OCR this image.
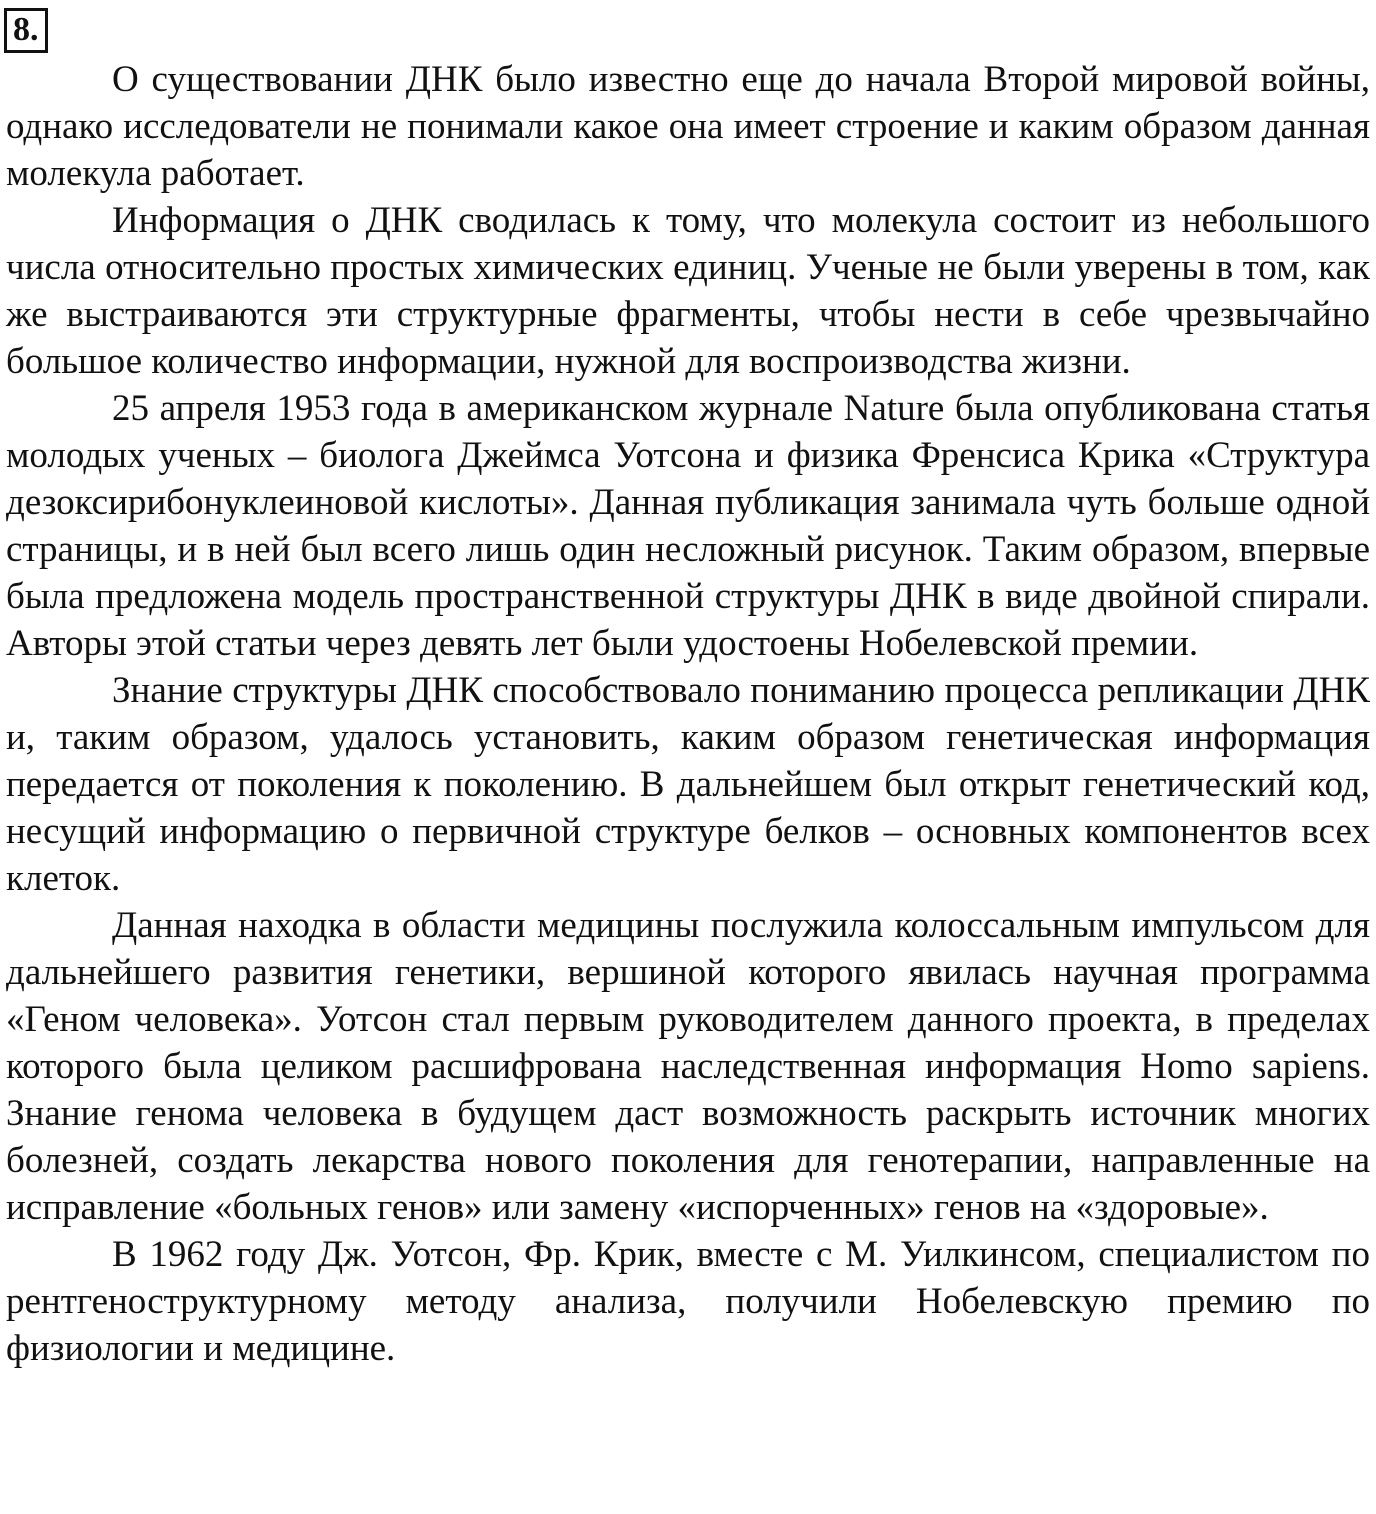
8.

О существовании ДНК было известно еще до начала Второй мировой войны, однако исследователи не понимали какое она имеет строение и каким образом данная молекула работает.

Информация о ДНК сводилась к тому, что молекула состоит из небольшого числа относительно простых химических единиц. Ученые не были уверены в том, как же выстраиваются эти структурные фрагменты, чтобы нести в себе чрезвычайно большое количество информации, нужной для воспроизводства жизни.

25 апреля 1953 года в американском журнале Nature была опубликована статья молодых ученых – биолога Джеймса Уотсона и физика Френсиса Крика «Структура дезоксирибонуклеиновой кислоты». Данная публикация занимала чуть больше одной страницы, и в ней был всего лишь один несложный рисунок. Таким образом, впервые была предложена модель пространственной структуры ДНК в виде двойной спирали. Авторы этой статьи через девять лет были удостоены Нобелевской премии.

Знание структуры ДНК способствовало пониманию процесса репликации ДНК и, таким образом, удалось установить, каким образом генетическая информация передается от поколения к поколению. В дальнейшем был открыт генетический код, несущий информацию о первичной структуре белков – основных компонентов всех клеток.

Данная находка в области медицины послужила колоссальным импульсом для дальнейшего развития генетики, вершиной которого явилась научная программа «Геном человека». Уотсон стал первым руководителем данного проекта, в пределах которого была целиком расшифрована наследственная информация Homo sapiens. Знание генома человека в будущем даст возможность раскрыть источник многих болезней, создать лекарства нового поколения для генотерапии, направленные на исправление «больных генов» или замену «испорченных» генов на «здоровые».

В 1962 году Дж. Уотсон, Фр. Крик, вместе с М. Уилкинсом, специалистом по рентгеноструктурному методу анализа, получили Нобелевскую премию по физиологии и медицине.
